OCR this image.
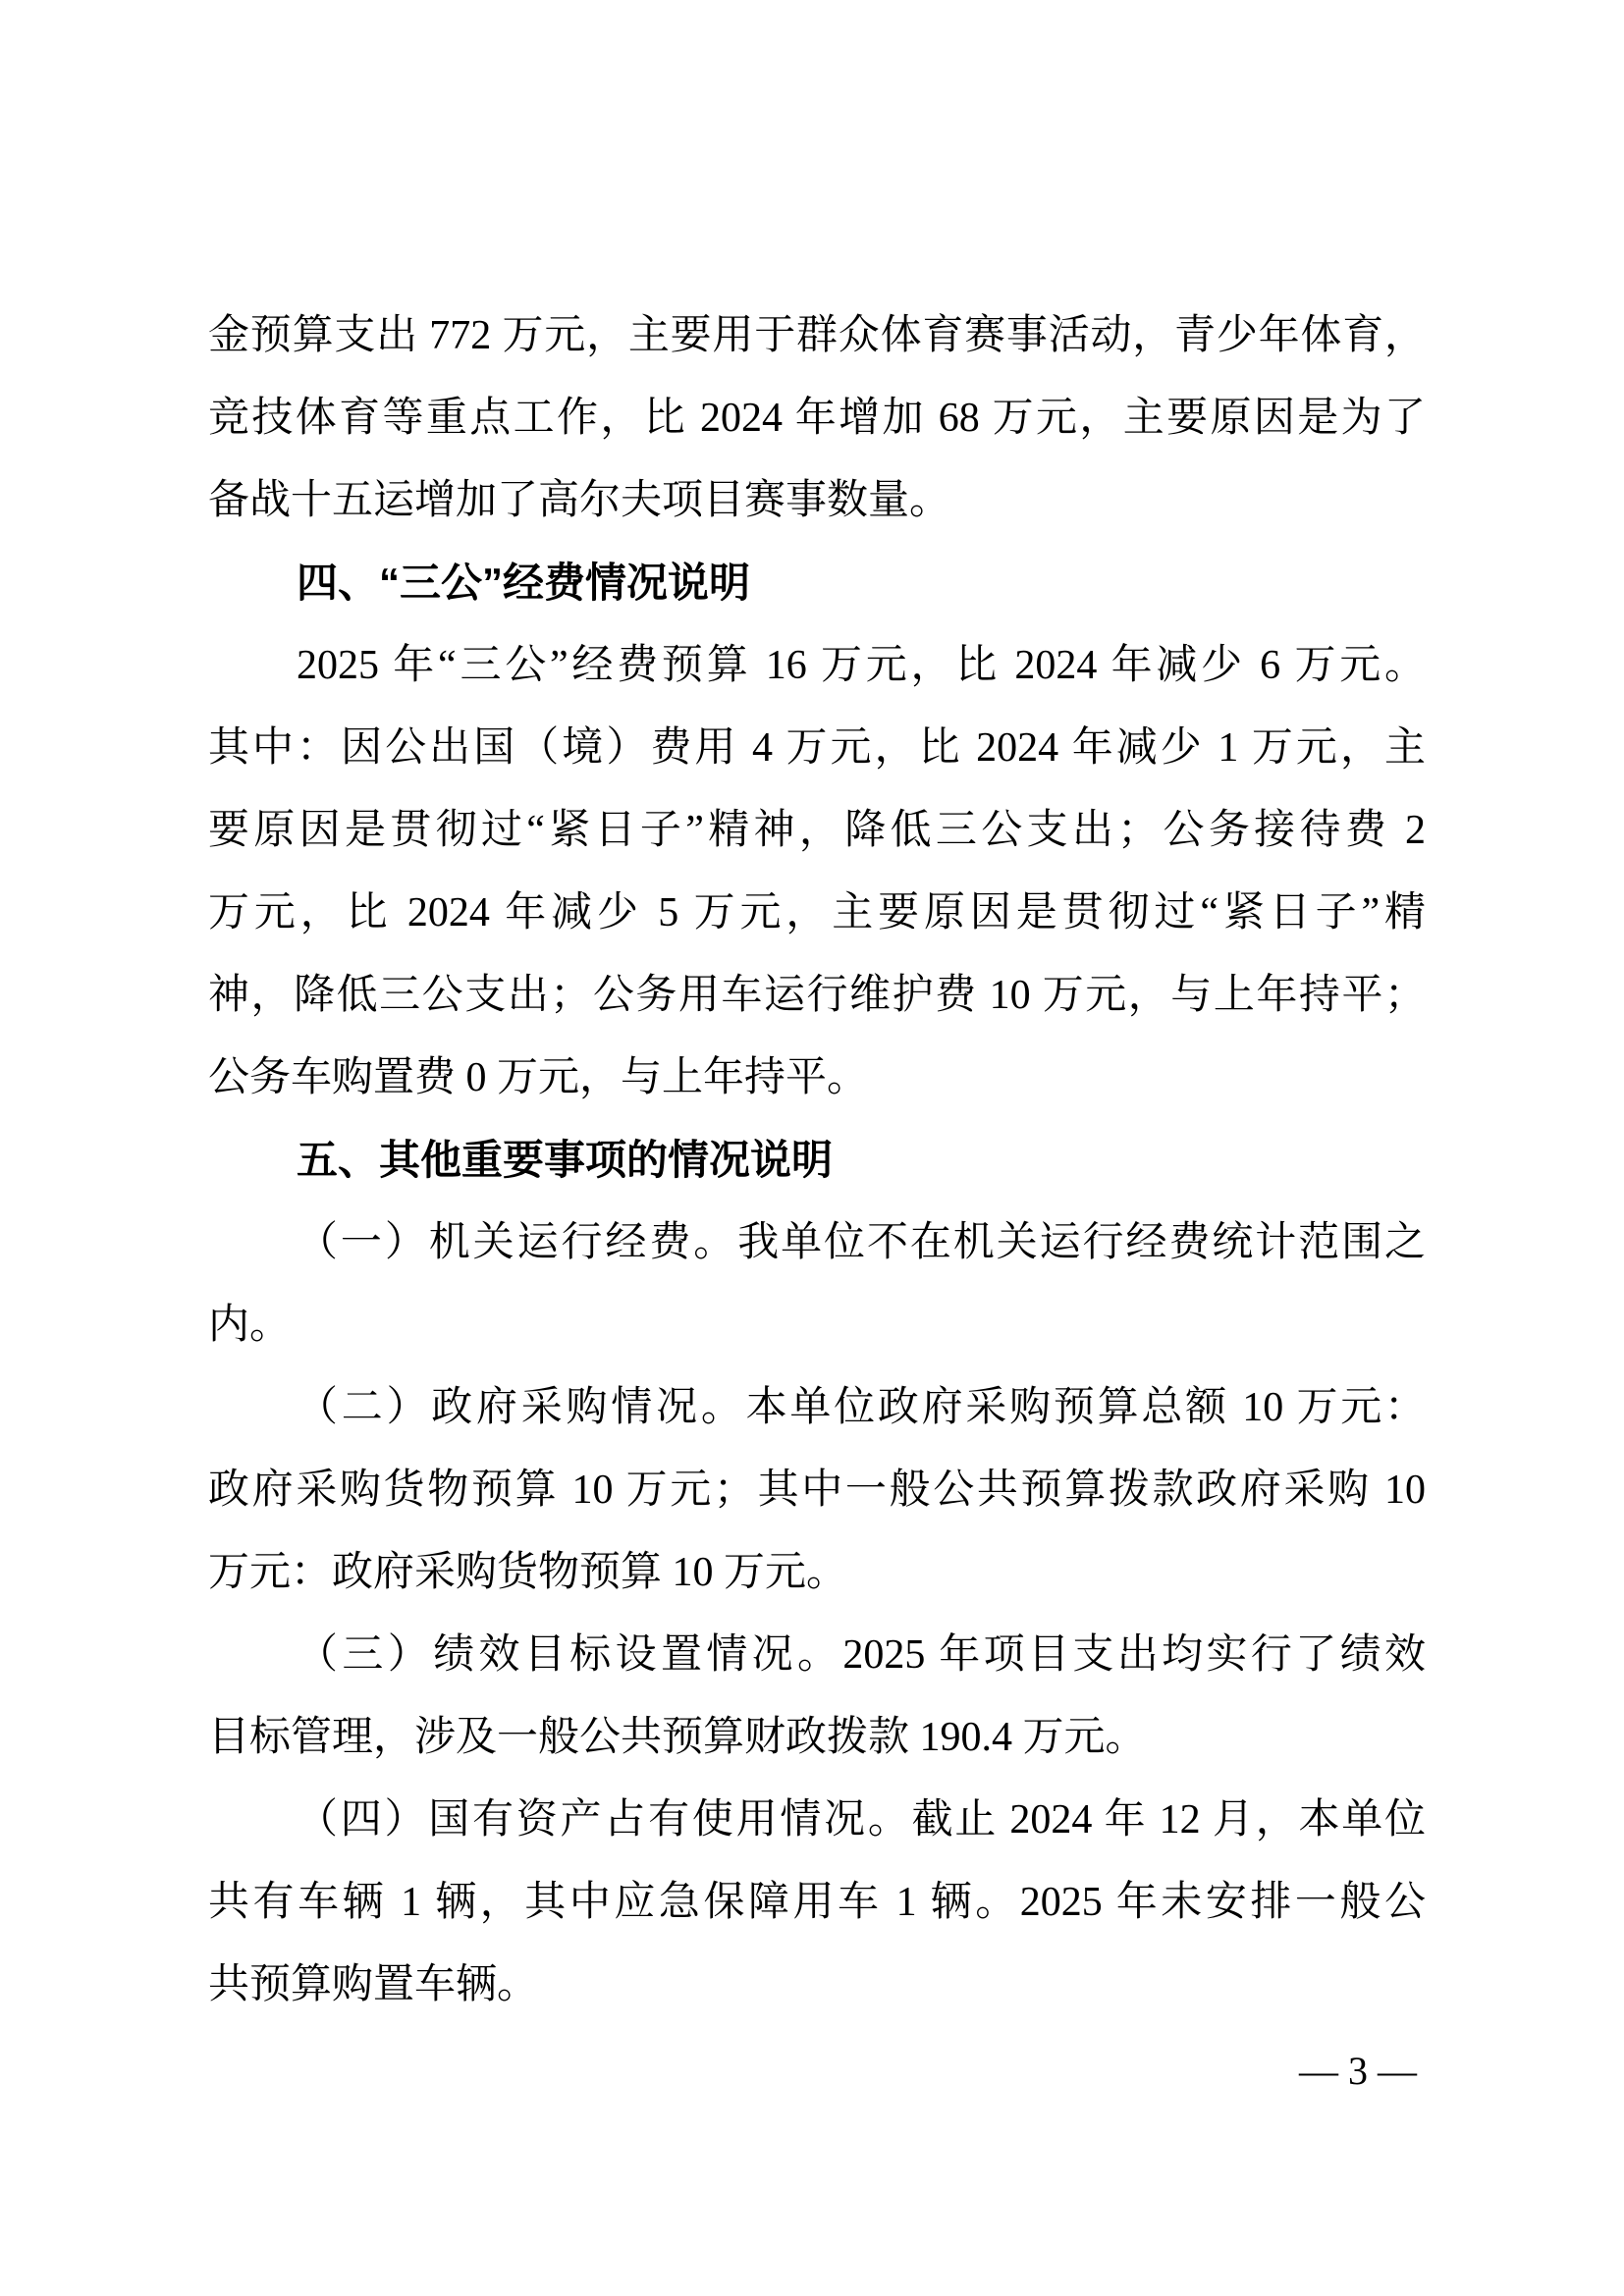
金预算支出 772 万元，主要用于群众体育赛事活动，青少年体育，
竞技体育等重点工作，比 2024 年增加 68 万元，主要原因是为了
备战十五运增加了高尔夫项目赛事数量。
四、“三公”经费情况说明
2025 年“三公”经费预算 16 万元，比 2024 年减少 6 万元。
其中：因公出国（境）费用 4 万元，比 2024 年减少 1 万元，主
要原因是贯彻过“紧日子”精神，降低三公支出；公务接待费 2
万元，比 2024 年减少 5 万元，主要原因是贯彻过“紧日子”精
神，降低三公支出；公务用车运行维护费 10 万元，与上年持平；
公务车购置费 0 万元，与上年持平。
五、其他重要事项的情况说明
（一）机关运行经费。我单位不在机关运行经费统计范围之
内。
（二）政府采购情况。本单位政府采购预算总额 10 万元：
政府采购货物预算 10 万元；其中一般公共预算拨款政府采购 10
万元：政府采购货物预算 10 万元。
（三）绩效目标设置情况。2025 年项目支出均实行了绩效
目标管理，涉及一般公共预算财政拨款 190.4 万元。
（四）国有资产占有使用情况。截止 2024 年 12 月，本单位
共有车辆 1 辆，其中应急保障用车 1 辆。2025 年未安排一般公
共预算购置车辆。
— 3 —
